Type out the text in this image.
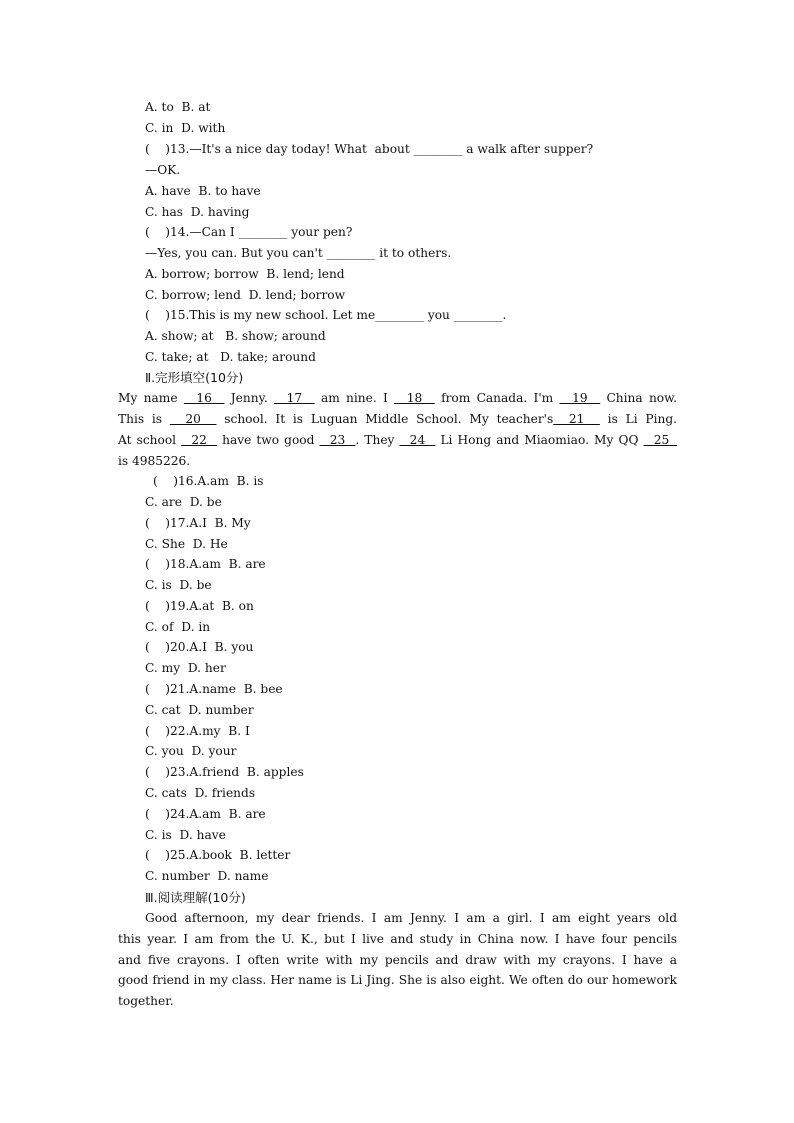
A. to  B. at
C. in  D. with
(    )13.—It's a nice day today! What  about ________ a walk after supper?
—OK.
A. have  B. to have
C. has  D. having
(    )14.—Can I ________ your pen?
—Yes, you can. But you can't ________ it to others.
A. borrow; borrow  B. lend; lend
C. borrow; lend  D. lend; borrow
(    )15.This is my new school. Let me________ you ________.
A. show; at   B. show; around
C. take; at   D. take; around
Ⅱ.完形填空(10分)
My name   16   Jenny.   17   am nine. I   18   from Canada. I'm   19   China now.
This is   20   school. It is Luguan Middle School. My teacher's  21   is Li Ping.
At school   22   have two good   23  . They   24   Li Hong and Miaomiao. My QQ   25
is 4985226.
(    )16.A.am  B. is
C. are  D. be
(    )17.A.I  B. My
C. She  D. He
(    )18.A.am  B. are
C. is  D. be
(    )19.A.at  B. on
C. of  D. in
(    )20.A.I  B. you
C. my  D. her
(    )21.A.name  B. bee
C. cat  D. number
(    )22.A.my  B. I
C. you  D. your
(    )23.A.friend  B. apples
C. cats  D. friends
(    )24.A.am  B. are
C. is  D. have
(    )25.A.book  B. letter
C. number  D. name
Ⅲ.阅读理解(10分)
Good afternoon, my dear friends. I am Jenny. I am a girl. I am eight years old
this year. I am from the U. K., but I live and study in China now. I have four pencils
and five crayons. I often write with my pencils and draw with my crayons. I have a
good friend in my class. Her name is Li Jing. She is also eight. We often do our homework
together.
